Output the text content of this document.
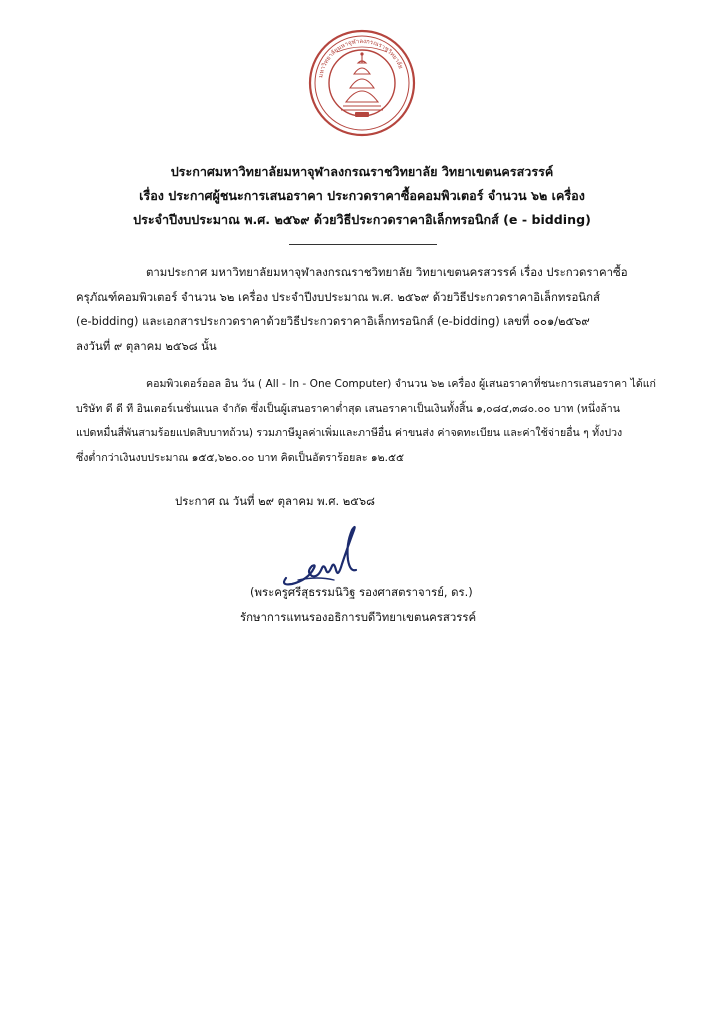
มหาวิทยาลัยมหาจุฬาลงกรณราชวิทยาลัย
ประกาศมหาวิทยาลัยมหาจุฬาลงกรณราชวิทยาลัย วิทยาเขตนครสวรรค์
เรื่อง ประกาศผู้ชนะการเสนอราคา ประกวดราคาซื้อคอมพิวเตอร์ จำนวน ๖๒ เครื่อง
ประจำปีงบประมาณ พ.ศ. ๒๕๖๙ ด้วยวิธีประกวดราคาอิเล็กทรอนิกส์ (e - bidding)
ตามประกาศ มหาวิทยาลัยมหาจุฬาลงกรณราชวิทยาลัย วิทยาเขตนครสวรรค์ เรื่อง ประกวดราคาซื้อ
ครุภัณฑ์คอมพิวเตอร์ จำนวน ๖๒ เครื่อง ประจำปีงบประมาณ พ.ศ. ๒๕๖๙ ด้วยวิธีประกวดราคาอิเล็กทรอนิกส์
(e-bidding) และเอกสารประกวดราคาด้วยวิธีประกวดราคาอิเล็กทรอนิกส์ (e-bidding) เลขที่ ๐๐๑/๒๕๖๙
ลงวันที่ ๙ ตุลาคม ๒๕๖๘ นั้น
คอมพิวเตอร์ออล อิน วัน ( All - In - One Computer) จำนวน ๖๒ เครื่อง ผู้เสนอราคาที่ชนะการเสนอราคา ได้แก่
บริษัท ดี ดี ที อินเตอร์เนชั่นแนล จำกัด ซึ่งเป็นผู้เสนอราคาต่ำสุด เสนอราคาเป็นเงินทั้งสิ้น ๑,๐๘๔,๓๘๐.๐๐ บาท (หนึ่งล้าน
แปดหมื่นสี่พันสามร้อยแปดสิบบาทถ้วน) รวมภาษีมูลค่าเพิ่มและภาษีอื่น ค่าขนส่ง ค่าจดทะเบียน และค่าใช้จ่ายอื่น ๆ ทั้งปวง
ซึ่งต่ำกว่าเงินงบประมาณ ๑๕๕,๖๒๐.๐๐ บาท คิดเป็นอัตราร้อยละ ๑๒.๕๕
ประกาศ ณ วันที่ ๒๙ ตุลาคม พ.ศ. ๒๕๖๘
(พระครูศรีสุธรรมนิวิฐ รองศาสตราจารย์, ดร.)
รักษาการแทนรองอธิการบดีวิทยาเขตนครสวรรค์
